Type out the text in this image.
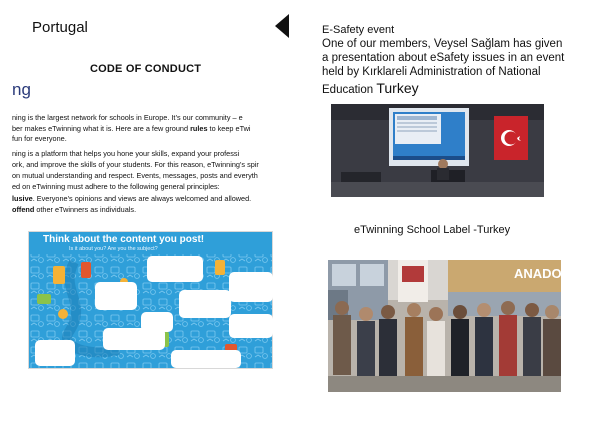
Portugal
CODE OF CONDUCT
ng
ning is the largest network for schools in Europe. It’s our community – e
ber makes eTwinning what it is. Here are a few ground rules to keep eTwi
fun for everyone.
ning is a platform that helps you hone your skills, expand your professi
ork, and improve the skills of your students. For this reason, eTwinning’s spir
on mutual understanding and respect. Events, messages, posts and everyth
ed on eTwinning must adhere to the following general principles:
lusive. Everyone’s opinions and views are always welcomed and allowed.
offend other eTwinners as individuals.
Think about the content you post!
Is it about you? Are you the subject?
E-Safety event
One of our members, Veysel Sağlam has given
a presentation about eSafety issues in an event
held by Kırklareli Administration of National
Education Turkey
eTwinning School Label -Turkey
ANADOLU
